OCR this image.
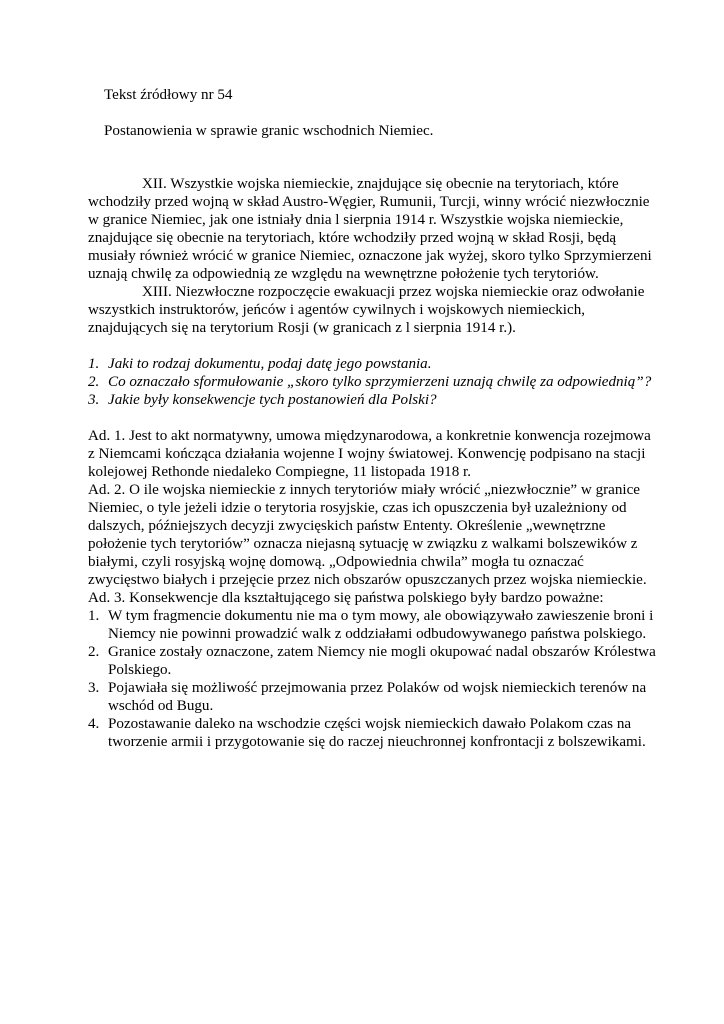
Tekst źródłowy nr 54
Postanowienia w sprawie granic wschodnich Niemiec.
XII. Wszystkie wojska niemieckie, znajdujące się obecnie na terytoriach, które
wchodziły przed wojną w skład Austro-Węgier, Rumunii, Turcji, winny wrócić niezwłocznie
w granice Niemiec, jak one istniały dnia l sierpnia 1914 r. Wszystkie wojska niemieckie,
znajdujące się obecnie na terytoriach, które wchodziły przed wojną w skład Rosji, będą
musiały również wrócić w granice Niemiec, oznaczone jak wyżej, skoro tylko Sprzymierzeni
uznają chwilę za odpowiednią ze względu na wewnętrzne położenie tych terytoriów.
XIII. Niezwłoczne rozpoczęcie ewakuacji przez wojska niemieckie oraz odwołanie
wszystkich instruktorów, jeńców i agentów cywilnych i wojskowych niemieckich,
znajdujących się na terytorium Rosji (w granicach z l sierpnia 1914 r.).
1. Jaki to rodzaj dokumentu, podaj datę jego powstania.
2. Co oznaczało sformułowanie „skoro tylko sprzymierzeni uznają chwilę za odpowiednią”?
3. Jakie były konsekwencje tych postanowień dla Polski?
Ad. 1. Jest to akt normatywny, umowa międzynarodowa, a konkretnie konwencja rozejmowa
z Niemcami kończąca działania wojenne I wojny światowej. Konwencję podpisano na stacji
kolejowej Rethonde niedaleko Compiegne, 11 listopada 1918 r.
Ad. 2. O ile wojska niemieckie z innych terytoriów miały wrócić „niezwłocznie” w granice
Niemiec, o tyle jeżeli idzie o terytoria rosyjskie, czas ich opuszczenia był uzależniony od
dalszych, późniejszych decyzji zwycięskich państw Ententy. Określenie „wewnętrzne
położenie tych terytoriów” oznacza niejasną sytuację w związku z walkami bolszewików z
białymi, czyli rosyjską wojnę domową. „Odpowiednia chwila” mogła tu oznaczać
zwycięstwo białych i przejęcie przez nich obszarów opuszczanych przez wojska niemieckie.
Ad. 3. Konsekwencje dla kształtującego się państwa polskiego były bardzo poważne:
1. W tym fragmencie dokumentu nie ma o tym mowy, ale obowiązywało zawieszenie broni i
Niemcy nie powinni prowadzić walk z oddziałami odbudowywanego państwa polskiego.
2. Granice zostały oznaczone, zatem Niemcy nie mogli okupować nadal obszarów Królestwa
Polskiego.
3. Pojawiała się możliwość przejmowania przez Polaków od wojsk niemieckich terenów na
wschód od Bugu.
4. Pozostawanie daleko na wschodzie części wojsk niemieckich dawało Polakom czas na
tworzenie armii i przygotowanie się do raczej nieuchronnej konfrontacji z bolszewikami.
